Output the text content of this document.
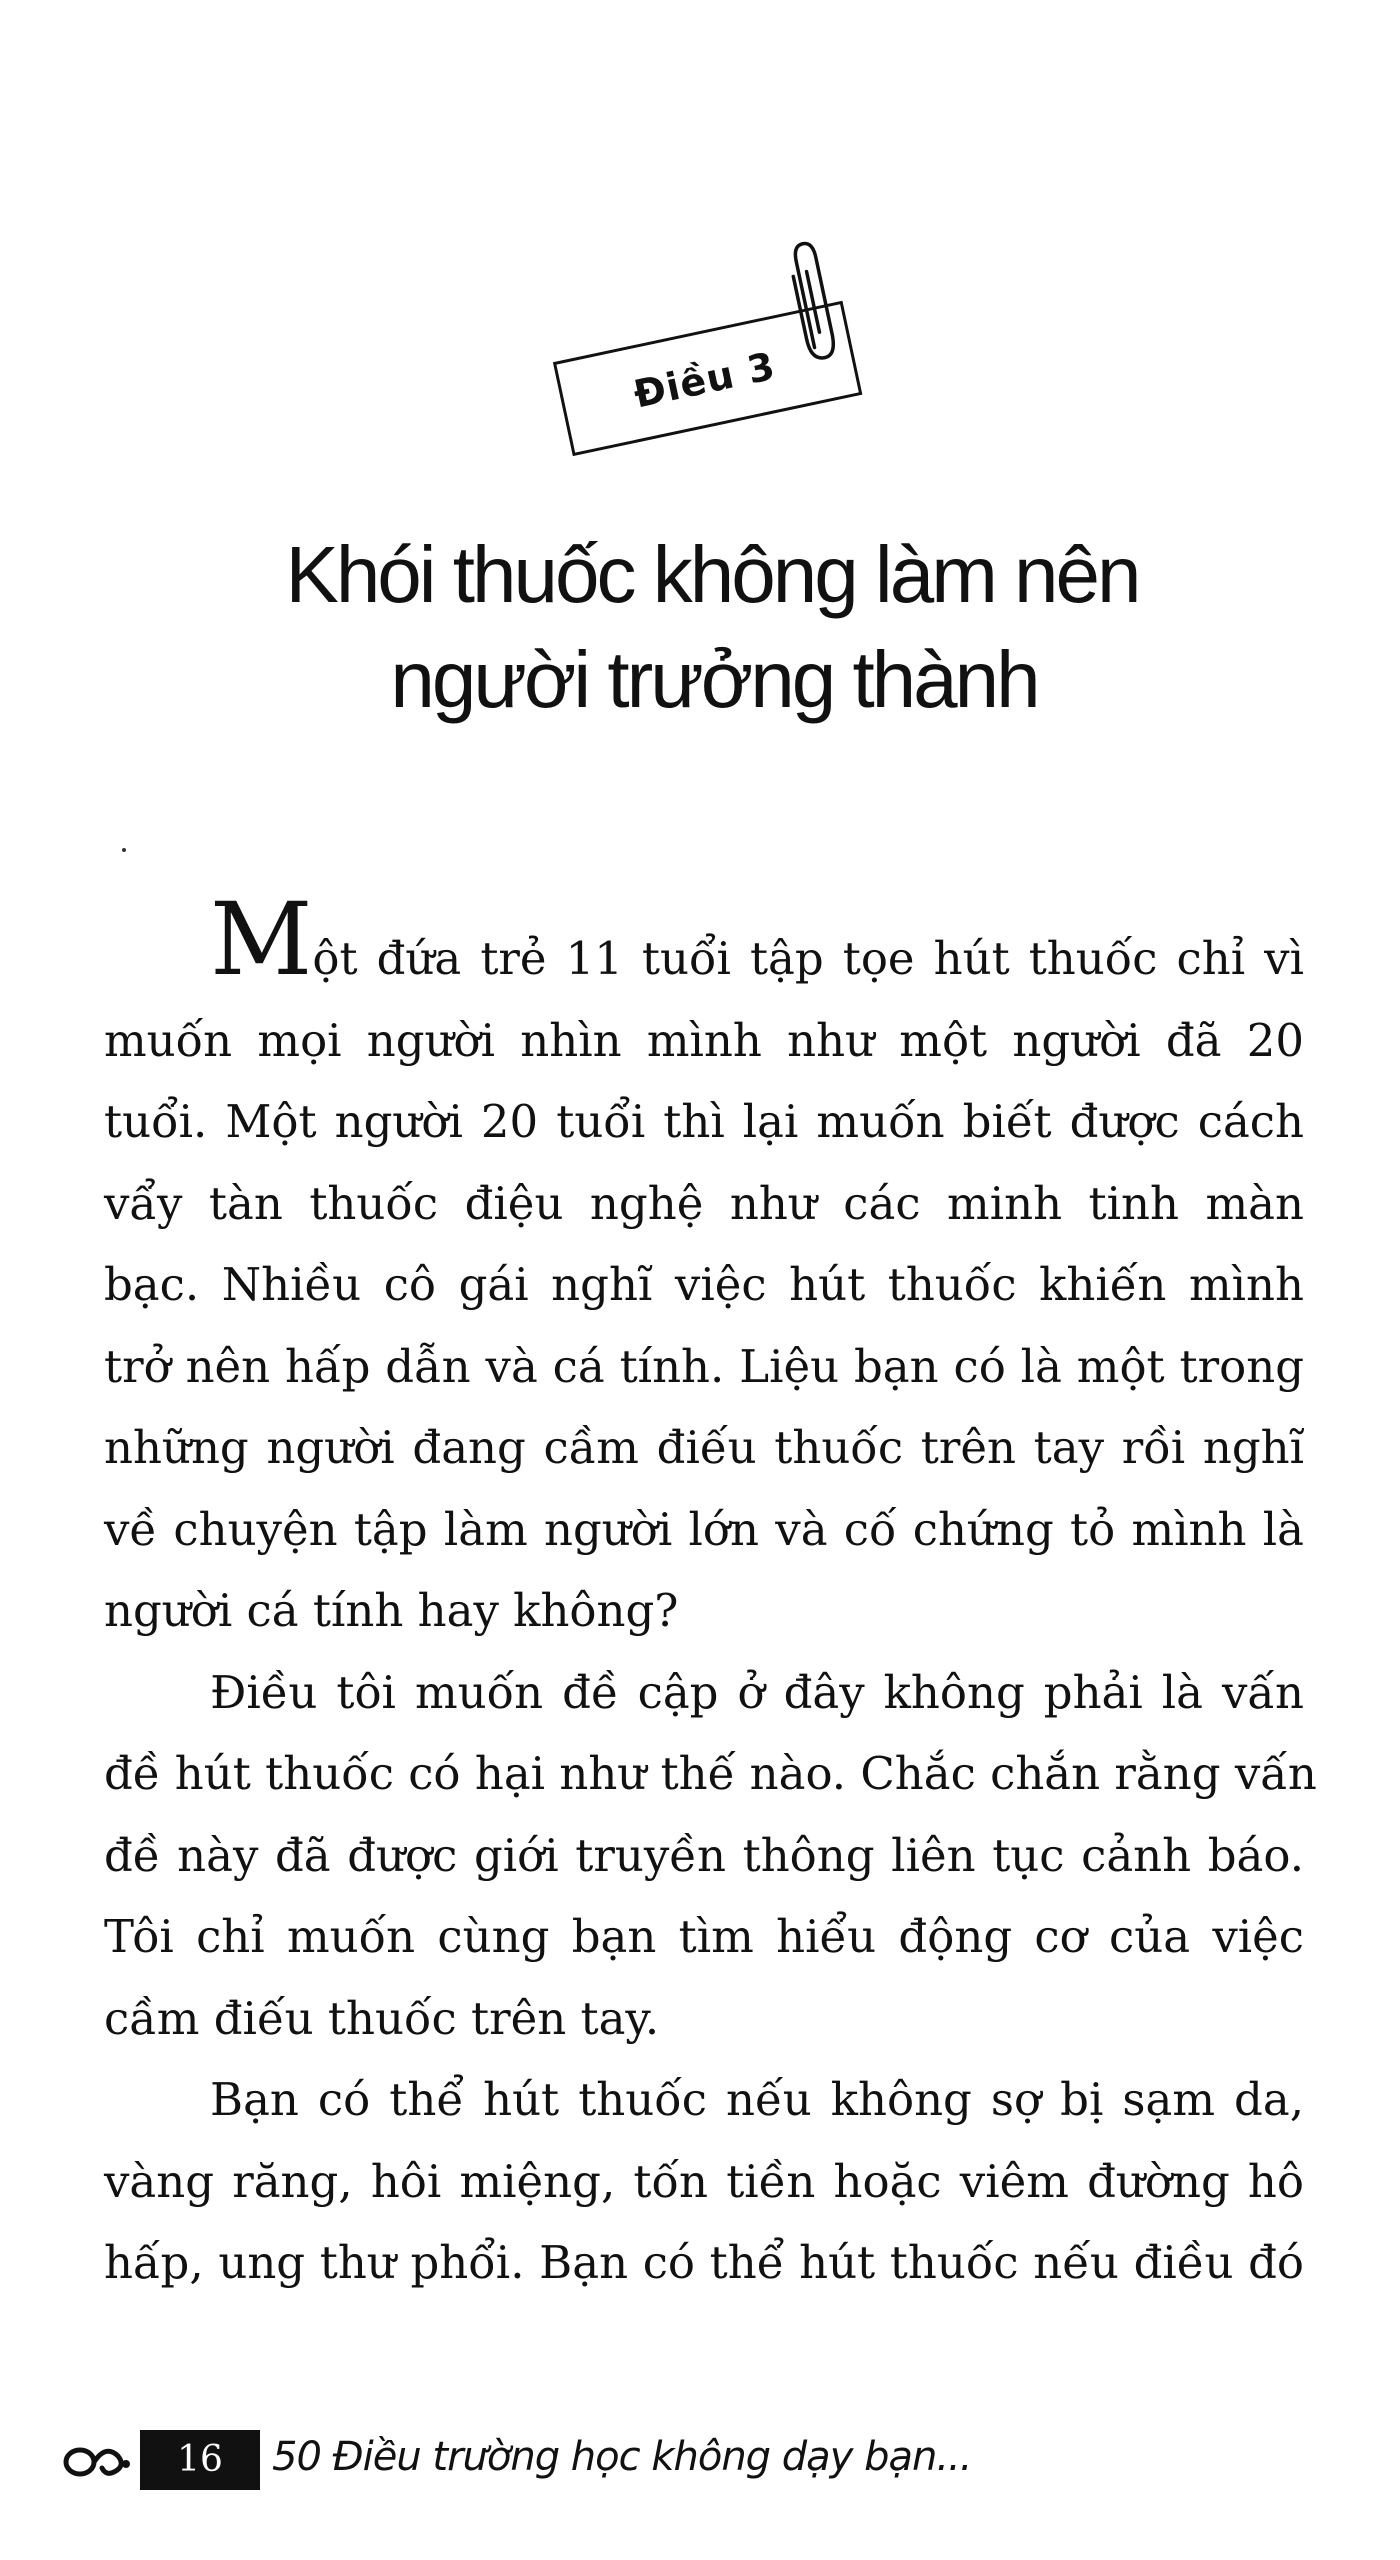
Điều 3
Khói thuốc không làm nên
người trưởng thành
Một đứa trẻ 11 tuổi tập tọe hút thuốc chỉ vì
muốn mọi người nhìn mình như một người đã 20
tuổi. Một người 20 tuổi thì lại muốn biết được cách
vẩy tàn thuốc điệu nghệ như các minh tinh màn
bạc. Nhiều cô gái nghĩ việc hút thuốc khiến mình
trở nên hấp dẫn và cá tính. Liệu bạn có là một trong
những người đang cầm điếu thuốc trên tay rồi nghĩ
về chuyện tập làm người lớn và cố chứng tỏ mình là
người cá tính hay không?
Điều tôi muốn đề cập ở đây không phải là vấn
đề hút thuốc có hại như thế nào. Chắc chắn rằng vấn
đề này đã được giới truyền thông liên tục cảnh báo.
Tôi chỉ muốn cùng bạn tìm hiểu động cơ của việc
cầm điếu thuốc trên tay.
Bạn có thể hút thuốc nếu không sợ bị sạm da,
vàng răng, hôi miệng, tốn tiền hoặc viêm đường hô
hấp, ung thư phổi. Bạn có thể hút thuốc nếu điều đó
16	50 Điều trường học không dạy bạn...
